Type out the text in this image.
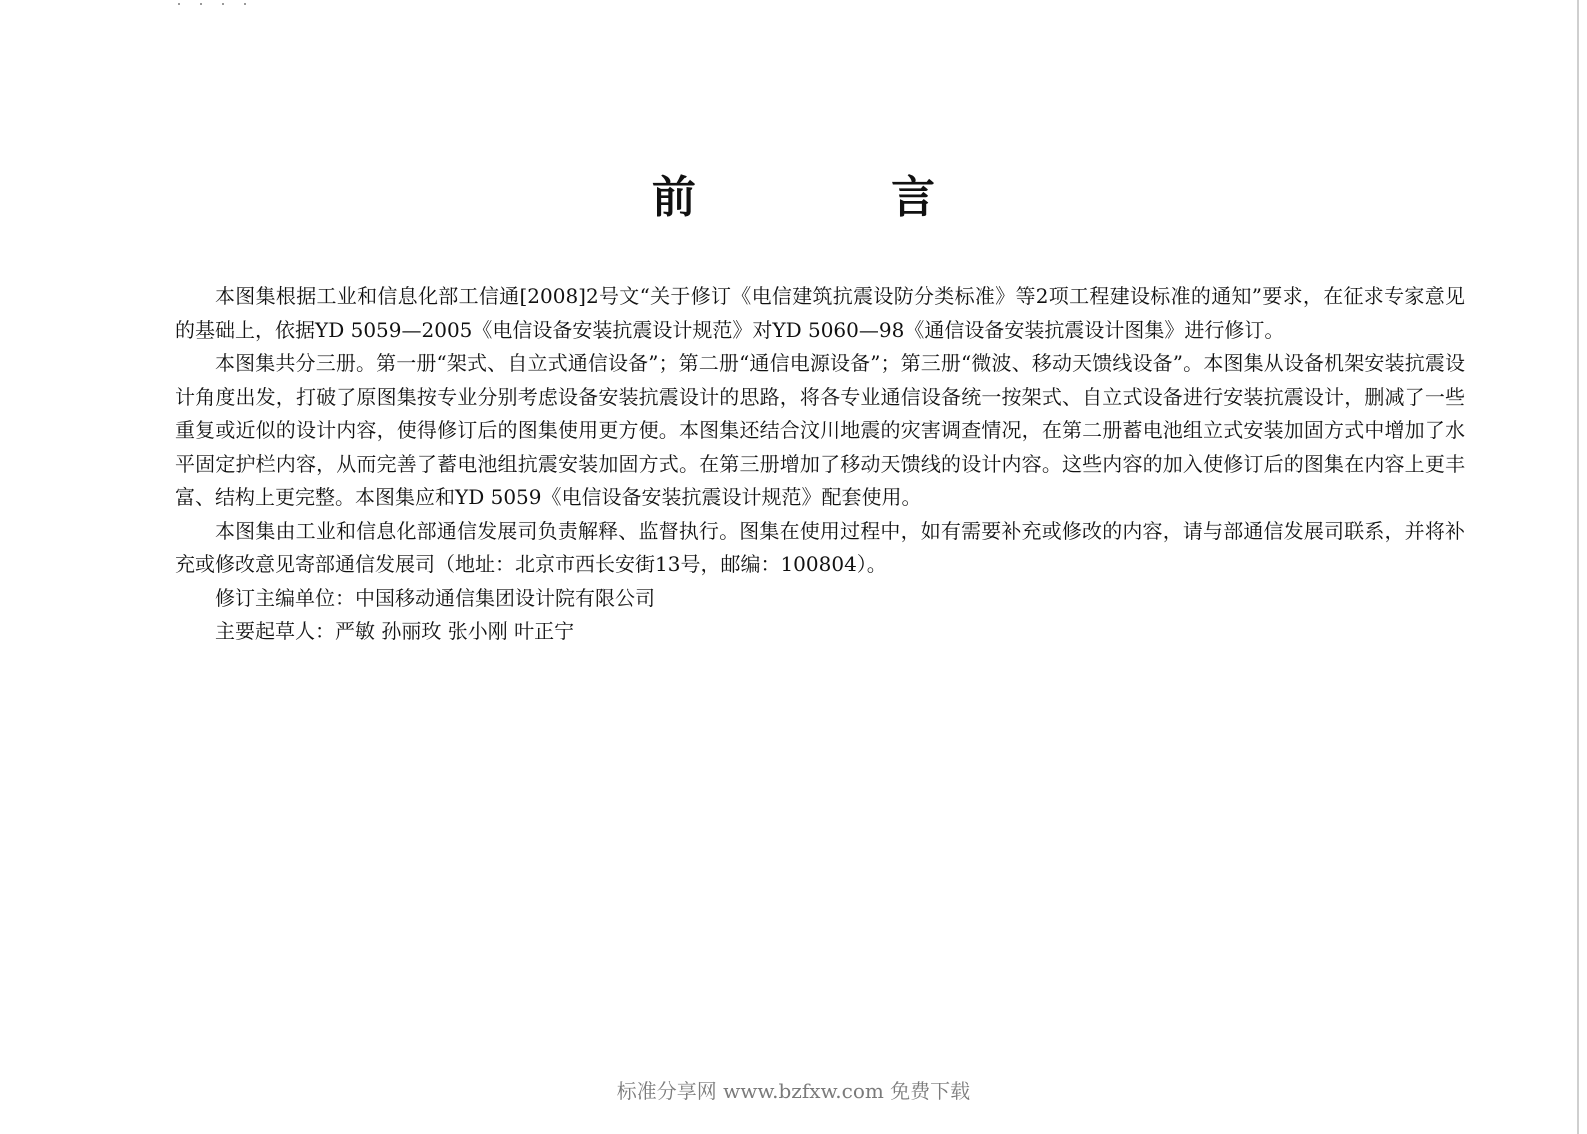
前 言

本图集根据工业和信息化部工信通[2008]2号文“关于修订《电信建筑抗震设防分类标准》等2项工程建设标准的通知”要求，在征求专家意见的基础上，依据YD 5059—2005《电信设备安装抗震设计规范》对YD 5060—98《通信设备安装抗震设计图集》进行修订。

本图集共分三册。第一册“架式、自立式通信设备”；第二册“通信电源设备”；第三册“微波、移动天馈线设备”。本图集从设备机架安装抗震设计角度出发，打破了原图集按专业分别考虑设备安装抗震设计的思路，将各专业通信设备统一按架式、自立式设备进行安装抗震设计，删减了一些重复或近似的设计内容，使得修订后的图集使用更方便。本图集还结合汶川地震的灾害调查情况，在第二册蓄电池组立式安装加固方式中增加了水平固定护栏内容，从而完善了蓄电池组抗震安装加固方式。在第三册增加了移动天馈线的设计内容。这些内容的加入使修订后的图集在内容上更丰富、结构上更完整。本图集应和YD 5059《电信设备安装抗震设计规范》配套使用。

本图集由工业和信息化部通信发展司负责解释、监督执行。图集在使用过程中，如有需要补充或修改的内容，请与部通信发展司联系，并将补充或修改意见寄部通信发展司（地址：北京市西长安街13号，邮编：100804）。

修订主编单位：中国移动通信集团设计院有限公司

主要起草人：严敏 孙丽玫 张小刚 叶正宁

标准分享网 www.bzfxw.com 免费下载
